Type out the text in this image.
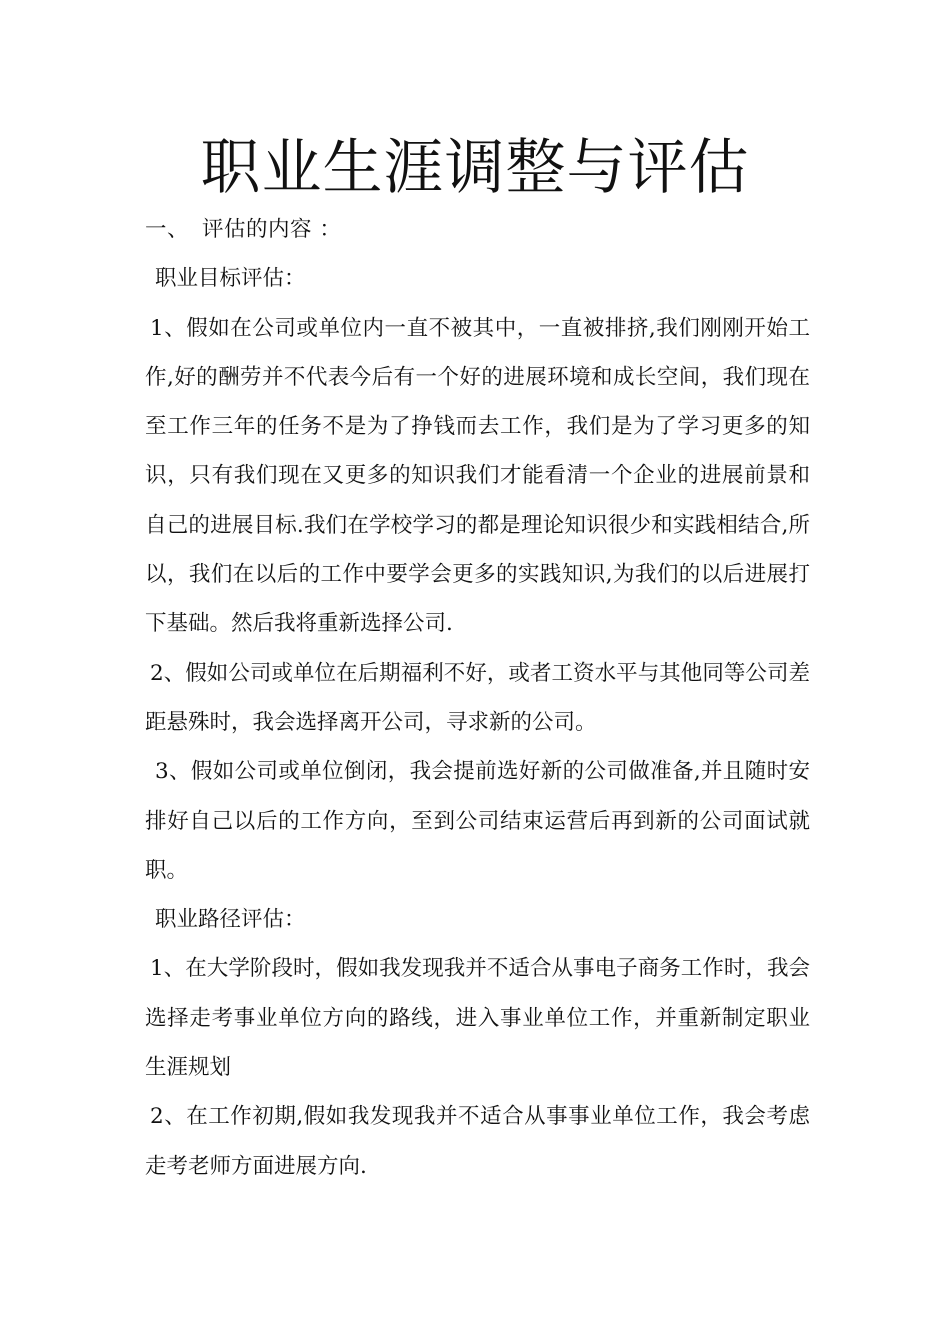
职业生涯调整与评估

一、 评估的内容 ：

职业目标评估：

1、假如在公司或单位内一直不被其中，一直被排挤,我们刚刚开始工作,好的酬劳并不代表今后有一个好的进展环境和成长空间，我们现在至工作三年的任务不是为了挣钱而去工作，我们是为了学习更多的知识，只有我们现在又更多的知识我们才能看清一个企业的进展前景和自己的进展目标.我们在学校学习的都是理论知识很少和实践相结合,所以，我们在以后的工作中要学会更多的实践知识,为我们的以后进展打下基础。然后我将重新选择公司.

2、假如公司或单位在后期福利不好，或者工资水平与其他同等公司差距悬殊时，我会选择离开公司，寻求新的公司。

3、假如公司或单位倒闭，我会提前选好新的公司做准备,并且随时安排好自己以后的工作方向，至到公司结束运营后再到新的公司面试就职。

职业路径评估：

1、在大学阶段时，假如我发现我并不适合从事电子商务工作时，我会选择走考事业单位方向的路线，进入事业单位工作，并重新制定职业生涯规划

2、在工作初期,假如我发现我并不适合从事事业单位工作，我会考虑走考老师方面进展方向.
